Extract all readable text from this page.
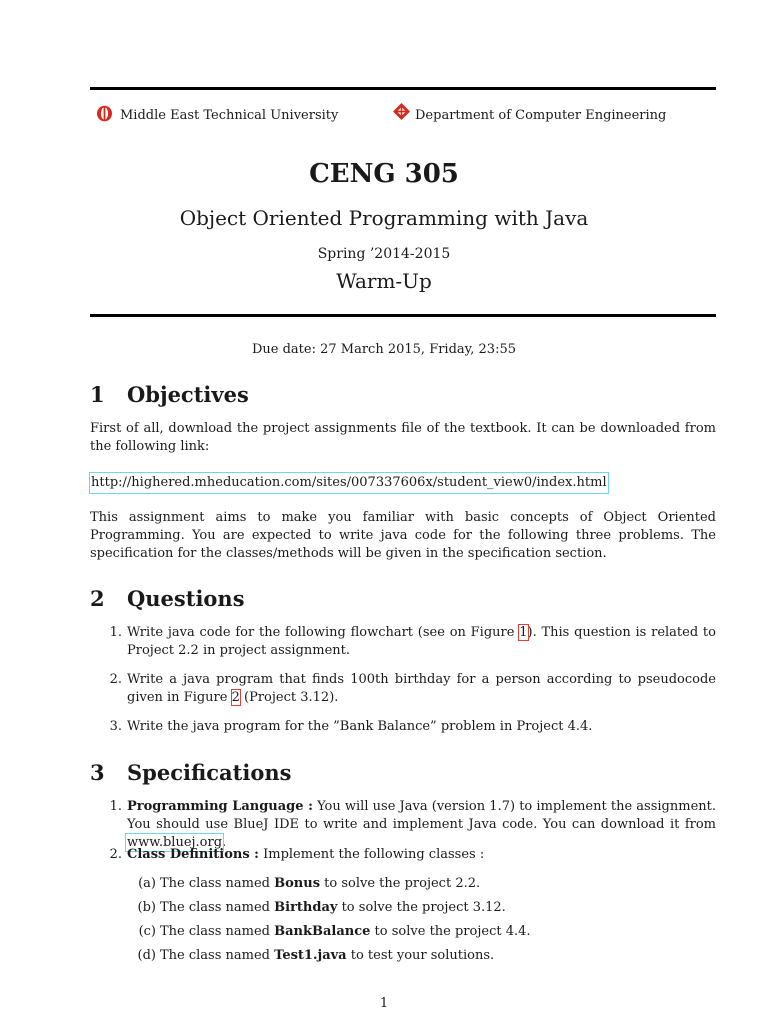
Middle East Technical University	Department of Computer Engineering
CENG 305
Object Oriented Programming with Java
Spring ’2014-2015
Warm-Up
Due date: 27 March 2015, Friday, 23:55
1 Objectives
First of all, download the project assignments file of the textbook. It can be downloaded from the following link:
http://highered.mheducation.com/sites/007337606x/student_view0/index.html
This assignment aims to make you familiar with basic concepts of Object Oriented Programming. You are expected to write java code for the following three problems. The specification for the classes/methods will be given in the specification section.
2 Questions
1. Write java code for the following flowchart (see on Figure 1). This question is related to Project 2.2 in project assignment.
2. Write a java program that finds 100th birthday for a person according to pseudocode given in Figure 2 (Project 3.12).
3. Write the java program for the ”Bank Balance” problem in Project 4.4.
3 Specifications
1. Programming Language : You will use Java (version 1.7) to implement the assignment. You should use BlueJ IDE to write and implement Java code. You can download it from www.bluej.org.
2. Class Definitions : Implement the following classes :
(a) The class named Bonus to solve the project 2.2.
(b) The class named Birthday to solve the project 3.12.
(c) The class named BankBalance to solve the project 4.4.
(d) The class named Test1.java to test your solutions.
1
